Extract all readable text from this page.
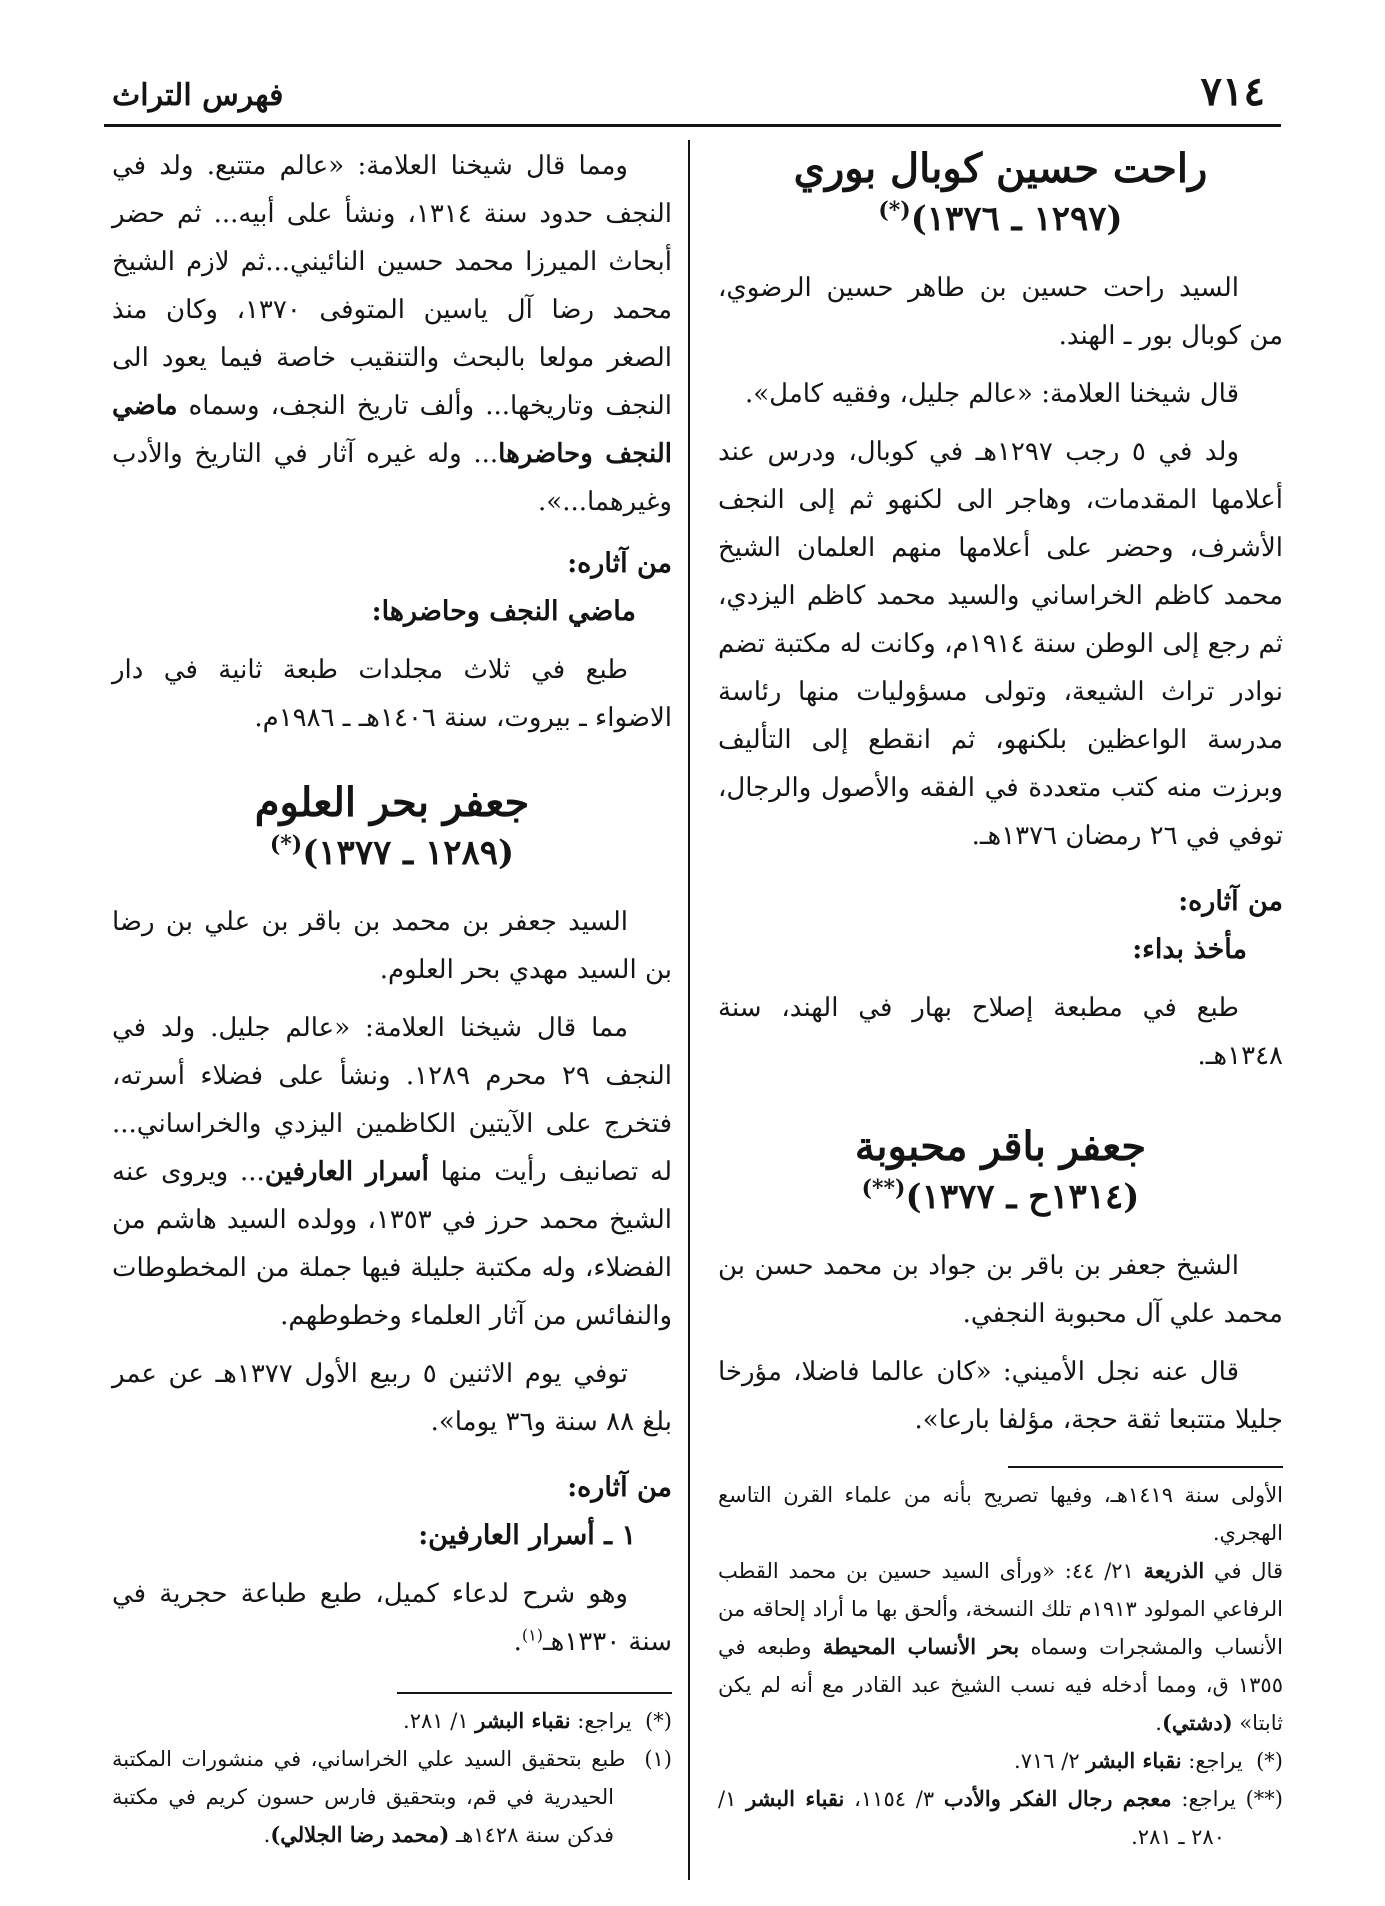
٧١٤
فهرس التراث
راحت حسين كوبال بوري
(١٢٩٧ ـ ١٣٧٦)(*)

السيد راحت حسين بن طاهر حسين الرضوي، من كوبال بور ـ الهند.

قال شيخنا العلامة: «عالم جليل، وفقيه كامل».

ولد في ٥ رجب ١٢٩٧هـ في كوبال، ودرس عند أعلامها المقدمات، وهاجر الى لكنهو ثم إلى النجف الأشرف، وحضر على أعلامها منهم العلمان الشيخ محمد كاظم الخراساني والسيد محمد كاظم اليزدي، ثم رجع إلى الوطن سنة ١٩١٤م، وكانت له مكتبة تضم نوادر تراث الشيعة، وتولى مسؤوليات منها رئاسة مدرسة الواعظين بلكنهو، ثم انقطع إلى التأليف وبرزت منه كتب متعددة في الفقه والأصول والرجال، توفي في ٢٦ رمضان ١٣٧٦هـ.

من آثاره:

مأخذ بداء:

طبع في مطبعة إصلاح بهار في الهند، سنة ١٣٤٨هـ.

جعفر باقر محبوبة
(١٣١٤ح ـ ١٣٧٧)(**)

الشيخ جعفر بن باقر بن جواد بن محمد حسن بن محمد علي آل محبوبة النجفي.

قال عنه نجل الأميني: «كان عالما فاضلا، مؤرخا جليلا متتبعا ثقة حجة، مؤلفا بارعا».

الأولى سنة ١٤١٩هـ، وفيها تصريح بأنه من علماء القرن التاسع الهجري.

قال في الذريعة ٢١/ ٤٤: «ورأى السيد حسين بن محمد القطب الرفاعي المولود ١٩١٣م تلك النسخة، وألحق بها ما أراد إلحاقه من الأنساب والمشجرات وسماه بحر الأنساب المحيطة وطبعه في ١٣٥٥ ق، ومما أدخله فيه نسب الشيخ عبد القادر مع أنه لم يكن ثابتا» (دشتي).

(*)  يراجع: نقباء البشر ٢/ ٧١٦.

(**) يراجع: معجم رجال الفكر والأدب ٣/ ١١٥٤، نقباء البشر ١/ ٢٨٠ ـ ٢٨١.

ومما قال شيخنا العلامة: «عالم متتبع. ولد في النجف حدود سنة ١٣١٤، ونشأ على أبيه... ثم حضر أبحاث الميرزا محمد حسين النائيني...ثم لازم الشيخ محمد رضا آل ياسين المتوفى ١٣٧٠، وكان منذ الصغر مولعا بالبحث والتنقيب خاصة فيما يعود الى النجف وتاريخها... وألف تاريخ النجف، وسماه ماضي النجف وحاضرها... وله غيره آثار في التاريخ والأدب وغيرهما...».

من آثاره:

ماضي النجف وحاضرها:

طبع في ثلاث مجلدات طبعة ثانية في دار الاضواء ـ بيروت، سنة ١٤٠٦هـ ـ ١٩٨٦م.

جعفر بحر العلوم
(١٢٨٩ ـ ١٣٧٧)(*)

السيد جعفر بن محمد بن باقر بن علي بن رضا بن السيد مهدي بحر العلوم.

مما قال شيخنا العلامة: «عالم جليل. ولد في النجف ٢٩ محرم ١٢٨٩. ونشأ على فضلاء أسرته، فتخرج على الآيتين الكاظمين اليزدي والخراساني... له تصانيف رأيت منها أسرار العارفين... ويروى عنه الشيخ محمد حرز في ١٣٥٣، وولده السيد هاشم من الفضلاء، وله مكتبة جليلة فيها جملة من المخطوطات والنفائس من آثار العلماء وخطوطهم.

توفي يوم الاثنين ٥ ربيع الأول ١٣٧٧هـ عن عمر بلغ ٨٨ سنة و٣٦ يوما».

من آثاره:

١ ـ أسرار العارفين:

وهو شرح لدعاء كميل، طبع طباعة حجرية في سنة ١٣٣٠هـ$^{(١)}$.

(*)  يراجع: نقباء البشر ١/ ٢٨١.

(١)  طبع بتحقيق السيد علي الخراساني، في منشورات المكتبة الحيدرية في قم، وبتحقيق فارس حسون كريم في مكتبة فدكن سنة ١٤٢٨هـ (محمد رضا الجلالي).
